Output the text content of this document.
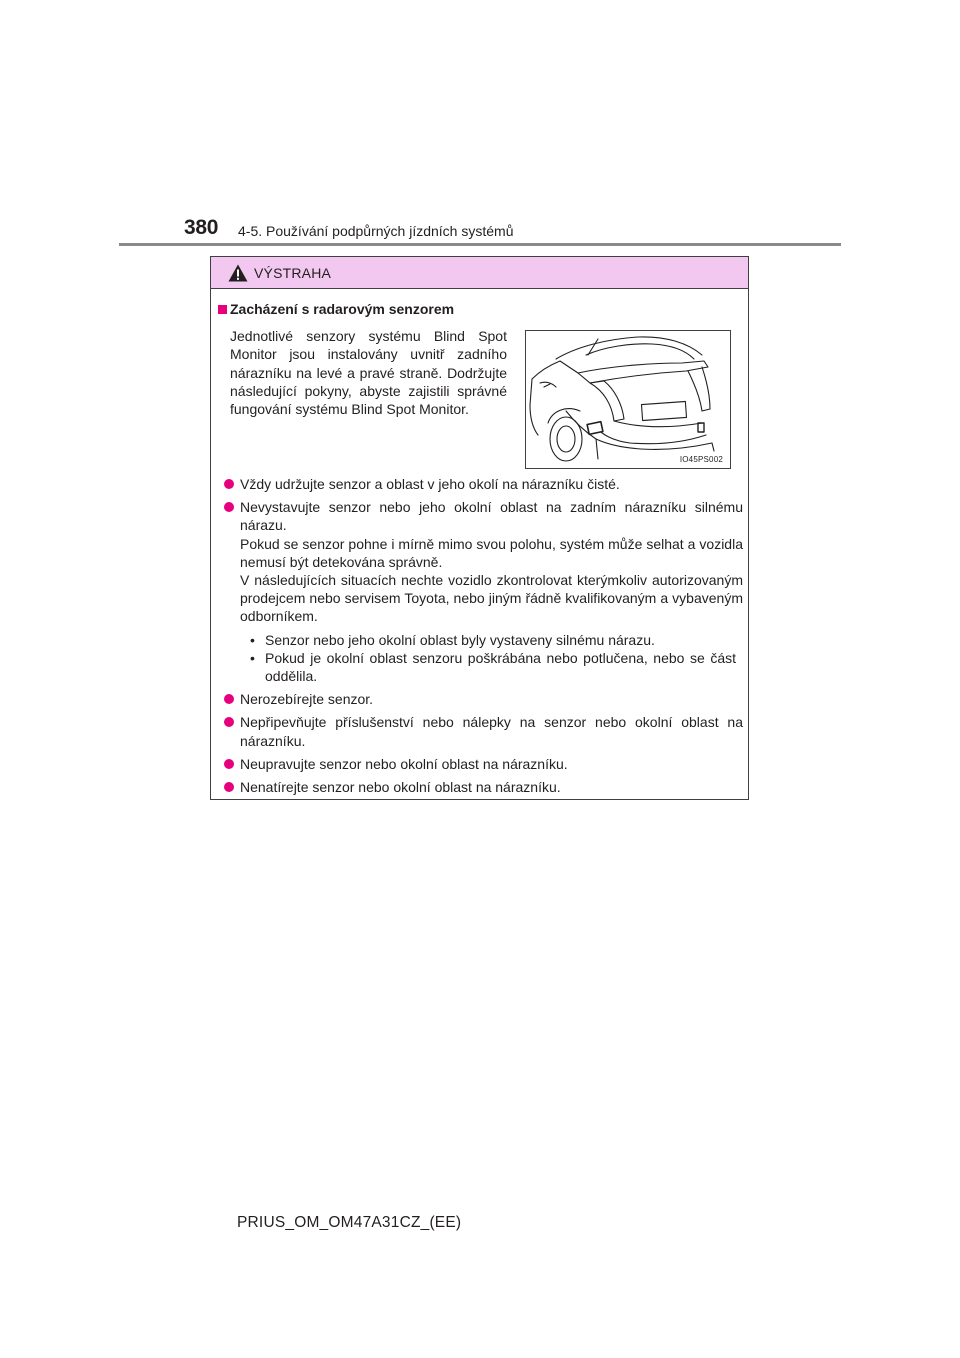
380 4-5. Používání podpůrných jízdních systémů
VÝSTRAHA
Zacházení s radarovým senzorem
Jednotlivé senzory systému Blind Spot Monitor jsou instalovány uvnitř zadního nárazníku na levé a pravé straně. Dodržujte následující pokyny, abyste zajistili správné fungování systému Blind Spot Monitor.
IO45PS002

Vždy udržujte senzor a oblast v jeho okolí na nárazníku čisté.

Nevystavujte senzor nebo jeho okolní oblast na zadním nárazníku silnému nárazu.

Pokud se senzor pohne i mírně mimo svou polohu, systém může selhat a vozidla nemusí být detekována správně.

V následujících situacích nechte vozidlo zkontrolovat kterýmkoliv autorizovaným prodejcem nebo servisem Toyota, nebo jiným řádně kvalifikovaným a vybaveným odborníkem.

• Senzor nebo jeho okolní oblast byly vystaveny silnému nárazu.
• Pokud je okolní oblast senzoru poškrábána nebo potlučena, nebo se část oddělila.

Nerozebírejte senzor.

Nepřipevňujte příslušenství nebo nálepky na senzor nebo okolní oblast na nárazníku.

Neupravujte senzor nebo okolní oblast na nárazníku.

Nenatírejte senzor nebo okolní oblast na nárazníku.

PRIUS_OM_OM47A31CZ_(EE)
